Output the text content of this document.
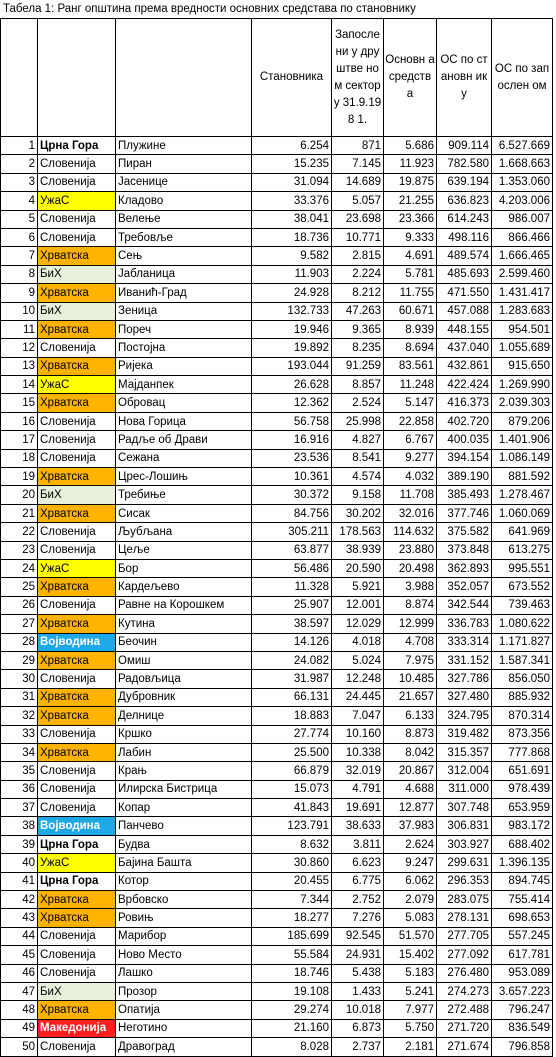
Табела 1: Ранг општина према вредности основних средстава по становнику
			Становника	Запосле ни у друштве ном сектору 31.9.198 1.	Основн а средств а	ОС по становн ику	ОС по запослен ом
1	Црна Гора	Плужине	6.254	871	5.686	909.114	6.527.669
2	Словенија	Пиран	15.235	7.145	11.923	782.580	1.668.663
3	Словенија	Јасенице	31.094	14.689	19.875	639.194	1.353.060
4	УжаС	Кладово	33.376	5.057	21.255	636.823	4.203.006
5	Словенија	Велење	38.041	23.698	23.366	614.243	986.007
6	Словенија	Требовље	18.736	10.771	9.333	498.116	866.466
7	Хрватска	Сењ	9.582	2.815	4.691	489.574	1.666.465
8	БиХ	Јабланица	11.903	2.224	5.781	485.693	2.599.460
9	Хрватска	Иванић-Град	24.928	8.212	11.755	471.550	1.431.417
10	БиХ	Зеница	132.733	47.263	60.671	457.088	1.283.683
11	Хрватска	Пореч	19.946	9.365	8.939	448.155	954.501
12	Словенија	Постојна	19.892	8.235	8.694	437.040	1.055.689
13	Хрватска	Ријека	193.044	91.259	83.561	432.861	915.650
14	УжаС	Мајданпек	26.628	8.857	11.248	422.424	1.269.990
15	Хрватска	Обровац	12.362	2.524	5.147	416.373	2.039.303
16	Словенија	Нова Горица	56.758	25.998	22.858	402.720	879.206
17	Словенија	Радље об Драви	16.916	4.827	6.767	400.035	1.401.906
18	Словенија	Сежана	23.536	8.541	9.277	394.154	1.086.149
19	Хрватска	Црес-Лошињ	10.361	4.574	4.032	389.190	881.592
20	БиХ	Требиње	30.372	9.158	11.708	385.493	1.278.467
21	Хрватска	Сисак	84.756	30.202	32.016	377.746	1.060.069
22	Словенија	Љубљана	305.211	178.563	114.632	375.582	641.969
23	Словенија	Цеље	63.877	38.939	23.880	373.848	613.275
24	УжаС	Бор	56.486	20.590	20.498	362.893	995.551
25	Хрватска	Кардељево	11.328	5.921	3.988	352.057	673.552
26	Словенија	Равне на Корошкем	25.907	12.001	8.874	342.544	739.463
27	Хрватска	Кутина	38.597	12.029	12.999	336.783	1.080.622
28	Војводина	Беочин	14.126	4.018	4.708	333.314	1.171.827
29	Хрватска	Омиш	24.082	5.024	7.975	331.152	1.587.341
30	Словенија	Радовљица	31.987	12.248	10.485	327.786	856.050
31	Хрватска	Дубровник	66.131	24.445	21.657	327.480	885.932
32	Хрватска	Делнице	18.883	7.047	6.133	324.795	870.314
33	Словенија	Кршко	27.774	10.160	8.873	319.482	873.356
34	Хрватска	Лабин	25.500	10.338	8.042	315.357	777.868
35	Словенија	Крањ	66.879	32.019	20.867	312.004	651.691
36	Словенија	Илирска Бистрица	15.073	4.791	4.688	311.000	978.439
37	Словенија	Копар	41.843	19.691	12.877	307.748	653.959
38	Војводина	Панчево	123.791	38.633	37.983	306.831	983.172
39	Црна Гора	Будва	8.632	3.811	2.624	303.927	688.402
40	УжаС	Бајина Башта	30.860	6.623	9.247	299.631	1.396.135
41	Црна Гора	Котор	20.455	6.775	6.062	296.353	894.745
42	Хрватска	Врбовско	7.344	2.752	2.079	283.075	755.414
43	Хрватска	Ровињ	18.277	7.276	5.083	278.131	698.653
44	Словенија	Марибор	185.699	92.545	51.570	277.705	557.245
45	Словенија	Ново Место	55.584	24.931	15.402	277.092	617.781
46	Словенија	Лашко	18.746	5.438	5.183	276.480	953.089
47	БиХ	Прозор	19.108	1.433	5.241	274.273	3.657.223
48	Хрватска	Опатија	29.274	10.018	7.977	272.488	796.247
49	Македонија	Неготино	21.160	6.873	5.750	271.720	836.549
50	Словенија	Дравоград	8.028	2.737	2.181	271.674	796.858
